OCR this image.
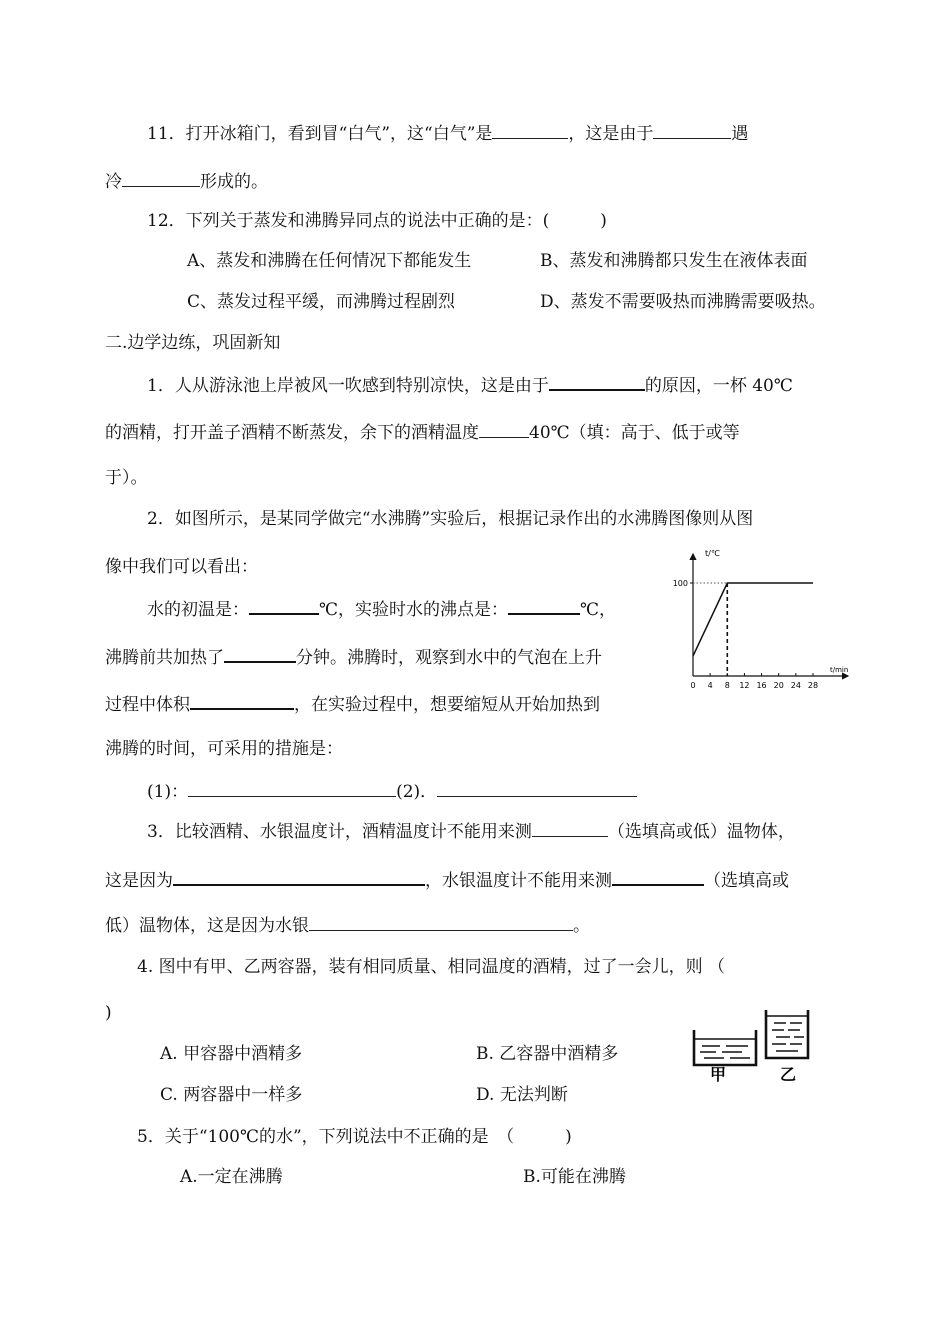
11．打开冰箱门，看到冒“白气”，这“白气”是	，这是由于	遇
冷	形成的。
12．下列关于蒸发和沸腾异同点的说法中正确的是：(　　　)
A、蒸发和沸腾在任何情况下都能发生	B、蒸发和沸腾都只发生在液体表面
C、蒸发过程平缓，而沸腾过程剧烈	D、蒸发不需要吸热而沸腾需要吸热。
二.边学边练，巩固新知
1．人从游泳池上岸被风一吹感到特别凉快，这是由于	的原因，一杯 40℃
的酒精，打开盖子酒精不断蒸发，余下的酒精温度	40℃（填：高于、低于或等
于）。
2．如图所示，是某同学做完“水沸腾”实验后，根据记录作出的水沸腾图像则从图
像中我们可以看出：
水的初温是：	℃，实验时水的沸点是：	℃，
沸腾前共加热了	分钟。沸腾时，观察到水中的气泡在上升
过程中体积	，在实验过程中，想要缩短从开始加热到
沸腾的时间，可采用的措施是：
(1)：	(2)．
t/℃
t/min
0 4 8 12 16 20 24 28
100
3．比较酒精、水银温度计，酒精温度计不能用来测	（选填高或低）温物体，
这是因为	，水银温度计不能用来测	（选填高或
低）温物体，这是因为水银	。
4. 图中有甲、乙两容器，装有相同质量、相同温度的酒精，过了一会儿，则 （
)
A. 甲容器中酒精多	B. 乙容器中酒精多
C. 两容器中一样多	D. 无法判断
甲	乙
5．关于“100℃的水”，下列说法中不正确的是　（　　　)
A.一定在沸腾	B.可能在沸腾
